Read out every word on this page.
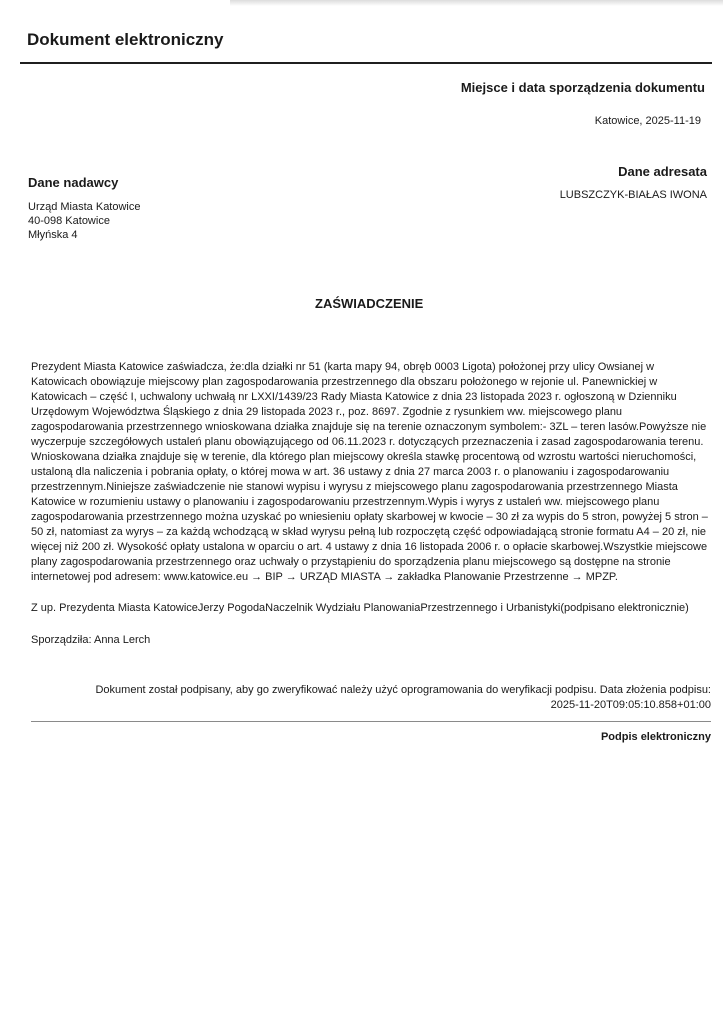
Dokument elektroniczny
Miejsce i data sporządzenia dokumentu
Katowice, 2025-11-19
Dane adresata
LUBSZCZYK-BIAŁAS IWONA
Dane nadawcy
Urząd Miasta Katowice
40-098 Katowice
Młyńska 4
ZAŚWIADCZENIE
Prezydent Miasta Katowice zaświadcza, że:dla działki nr 51 (karta mapy 94, obręb 0003 Ligota) położonej przy ulicy Owsianej w Katowicach obowiązuje miejscowy plan zagospodarowania przestrzennego dla obszaru położonego w rejonie ul. Panewnickiej w Katowicach – część I, uchwalony uchwałą nr LXXI/1439/23 Rady Miasta Katowice z dnia 23 listopada 2023 r. ogłoszoną w Dzienniku Urzędowym Województwa Śląskiego z dnia 29 listopada 2023 r., poz. 8697. Zgodnie z rysunkiem ww. miejscowego planu zagospodarowania przestrzennego wnioskowana działka znajduje się na terenie oznaczonym symbolem:- 3ZL – teren lasów.Powyższe nie wyczerpuje szczegółowych ustaleń planu obowiązującego od 06.11.2023 r. dotyczących przeznaczenia i zasad zagospodarowania terenu. Wnioskowana działka znajduje się w terenie, dla którego plan miejscowy określa stawkę procentową od wzrostu wartości nieruchomości, ustaloną dla naliczenia i pobrania opłaty, o której mowa w art. 36 ustawy z dnia 27 marca 2003 r. o planowaniu i zagospodarowaniu przestrzennym.Niniejsze zaświadczenie nie stanowi wypisu i wyrysu z miejscowego planu zagospodarowania przestrzennego Miasta Katowice w rozumieniu ustawy o planowaniu i zagospodarowaniu przestrzennym.Wypis i wyrys z ustaleń ww. miejscowego planu zagospodarowania przestrzennego można uzyskać po wniesieniu opłaty skarbowej w kwocie – 30 zł za wypis do 5 stron, powyżej 5 stron – 50 zł, natomiast za wyrys – za każdą wchodzącą w skład wyrysu pełną lub rozpoczętą część odpowiadającą stronie formatu A4 – 20 zł, nie więcej niż 200 zł. Wysokość opłaty ustalona w oparciu o art. 4 ustawy z dnia 16 listopada 2006 r. o opłacie skarbowej.Wszystkie miejscowe plany zagospodarowania przestrzennego oraz uchwały o przystąpieniu do sporządzenia planu miejscowego są dostępne na stronie internetowej pod adresem: www.katowice.eu → BIP → URZĄD MIASTA → zakładka Planowanie Przestrzenne → MPZP.
Z up. Prezydenta Miasta KatowiceJerzy PogodaNaczelnik Wydziału PlanowaniaPrzestrzennego i Urbanistyki(podpisano elektronicznie)
Sporządziła: Anna Lerch
Dokument został podpisany, aby go zweryfikować należy użyć oprogramowania do weryfikacji podpisu. Data złożenia podpisu:
2025-11-20T09:05:10.858+01:00
Podpis elektroniczny
